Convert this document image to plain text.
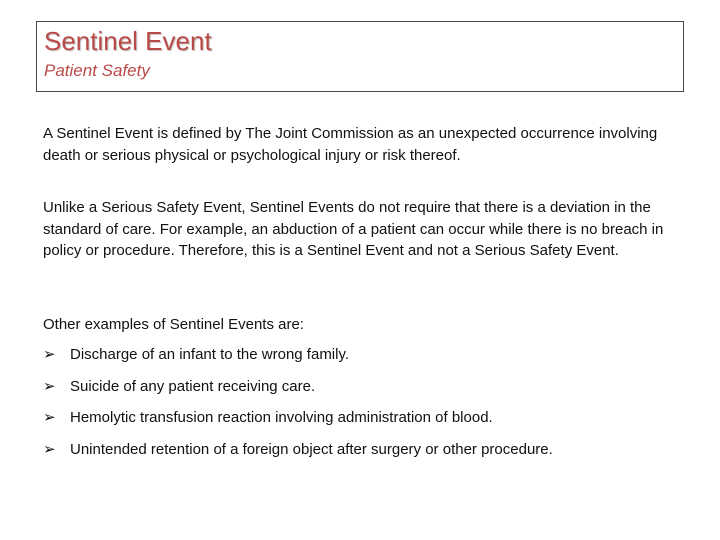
Sentinel Event
Patient Safety
A Sentinel Event is defined by The Joint Commission as an unexpected occurrence involving death or serious physical or psychological injury or risk thereof.
Unlike a Serious Safety Event, Sentinel Events do not require that there is a deviation in the standard of care. For example, an abduction of a patient can occur while there is no breach in policy or procedure. Therefore, this is a Sentinel Event and not a Serious Safety Event.
Other examples of Sentinel Events are:
➢ Discharge of an infant to the wrong family.
➢ Suicide of any patient receiving care.
➢ Hemolytic transfusion reaction involving administration of blood.
➢ Unintended retention of a foreign object after surgery or other procedure.
